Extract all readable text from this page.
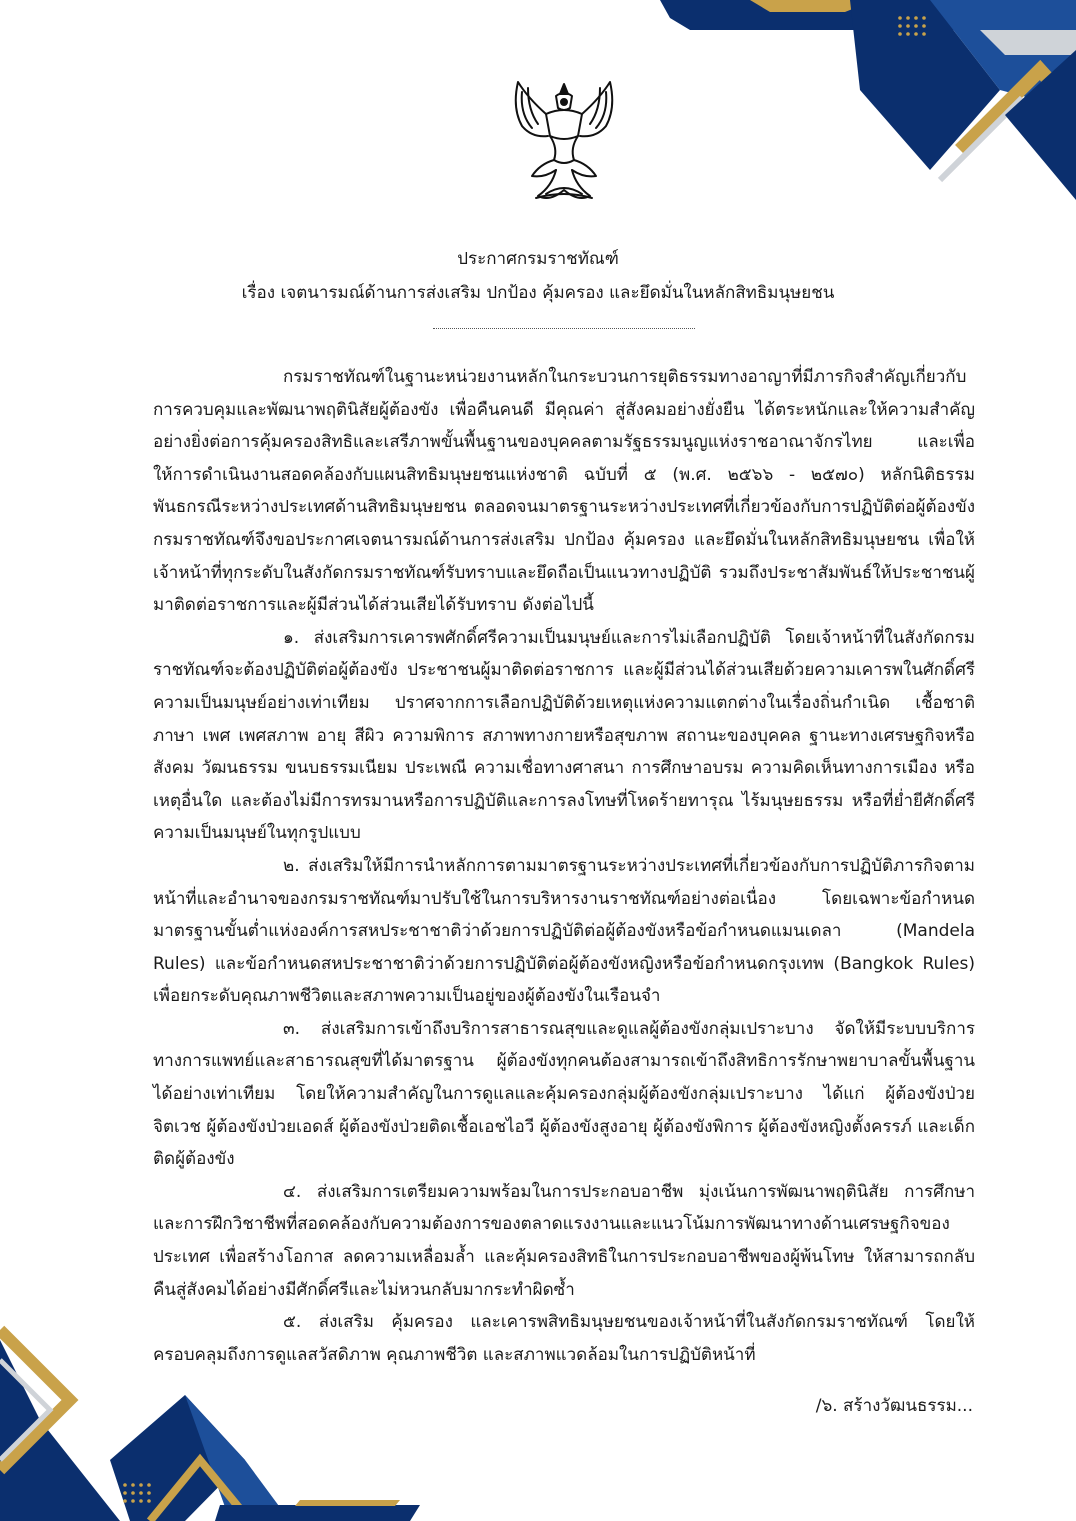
ประกาศกรมราชทัณฑ์
เรื่อง เจตนารมณ์ด้านการส่งเสริม ปกป้อง คุ้มครอง และยึดมั่นในหลักสิทธิมนุษยชน

กรมราชทัณฑ์ในฐานะหน่วยงานหลักในกระบวนการยุติธรรมทางอาญาที่มีภารกิจสำคัญเกี่ยวกับการควบคุมและพัฒนาพฤตินิสัยผู้ต้องขัง เพื่อคืนคนดี มีคุณค่า สู่สังคมอย่างยั่งยืน ได้ตระหนักและให้ความสำคัญอย่างยิ่งต่อการคุ้มครองสิทธิและเสรีภาพขั้นพื้นฐานของบุคคลตามรัฐธรรมนูญแห่งราชอาณาจักรไทย และเพื่อให้การดำเนินงานสอดคล้องกับแผนสิทธิมนุษยชนแห่งชาติ ฉบับที่ ๕ (พ.ศ. ๒๕๖๖ - ๒๕๗๐) หลักนิติธรรม พันธกรณีระหว่างประเทศด้านสิทธิมนุษยชน ตลอดจนมาตรฐานระหว่างประเทศที่เกี่ยวข้องกับการปฏิบัติต่อผู้ต้องขัง กรมราชทัณฑ์จึงขอประกาศเจตนารมณ์ด้านการส่งเสริม ปกป้อง คุ้มครอง และยึดมั่นในหลักสิทธิมนุษยชน เพื่อให้เจ้าหน้าที่ทุกระดับในสังกัดกรมราชทัณฑ์รับทราบและยึดถือเป็นแนวทางปฏิบัติ รวมถึงประชาสัมพันธ์ให้ประชาชนผู้มาติดต่อราชการและผู้มีส่วนได้ส่วนเสียได้รับทราบ ดังต่อไปนี้

๑. ส่งเสริมการเคารพศักดิ์ศรีความเป็นมนุษย์และการไม่เลือกปฏิบัติ โดยเจ้าหน้าที่ในสังกัดกรมราชทัณฑ์จะต้องปฏิบัติต่อผู้ต้องขัง ประชาชนผู้มาติดต่อราชการ และผู้มีส่วนได้ส่วนเสียด้วยความเคารพในศักดิ์ศรีความเป็นมนุษย์อย่างเท่าเทียม ปราศจากการเลือกปฏิบัติด้วยเหตุแห่งความแตกต่างในเรื่องถิ่นกำเนิด เชื้อชาติ ภาษา เพศ เพศสภาพ อายุ สีผิว ความพิการ สภาพทางกายหรือสุขภาพ สถานะของบุคคล ฐานะทางเศรษฐกิจหรือสังคม วัฒนธรรม ขนบธรรมเนียม ประเพณี ความเชื่อทางศาสนา การศึกษาอบรม ความคิดเห็นทางการเมือง หรือเหตุอื่นใด และต้องไม่มีการทรมานหรือการปฏิบัติและการลงโทษที่โหดร้ายทารุณ ไร้มนุษยธรรม หรือที่ย่ำยีศักดิ์ศรีความเป็นมนุษย์ในทุกรูปแบบ

๒. ส่งเสริมให้มีการนำหลักการตามมาตรฐานระหว่างประเทศที่เกี่ยวข้องกับการปฏิบัติภารกิจตามหน้าที่และอำนาจของกรมราชทัณฑ์มาปรับใช้ในการบริหารงานราชทัณฑ์อย่างต่อเนื่อง โดยเฉพาะข้อกำหนดมาตรฐานขั้นต่ำแห่งองค์การสหประชาชาติว่าด้วยการปฏิบัติต่อผู้ต้องขังหรือข้อกำหนดแมนเดลา (Mandela Rules) และข้อกำหนดสหประชาชาติว่าด้วยการปฏิบัติต่อผู้ต้องขังหญิงหรือข้อกำหนดกรุงเทพ (Bangkok Rules) เพื่อยกระดับคุณภาพชีวิตและสภาพความเป็นอยู่ของผู้ต้องขังในเรือนจำ

๓. ส่งเสริมการเข้าถึงบริการสาธารณสุขและดูแลผู้ต้องขังกลุ่มเปราะบาง จัดให้มีระบบบริการทางการแพทย์และสาธารณสุขที่ได้มาตรฐาน ผู้ต้องขังทุกคนต้องสามารถเข้าถึงสิทธิการรักษาพยาบาลขั้นพื้นฐานได้อย่างเท่าเทียม โดยให้ความสำคัญในการดูแลและคุ้มครองกลุ่มผู้ต้องขังกลุ่มเปราะบาง ได้แก่ ผู้ต้องขังป่วยจิตเวช ผู้ต้องขังป่วยเอดส์ ผู้ต้องขังป่วยติดเชื้อเอชไอวี ผู้ต้องขังสูงอายุ ผู้ต้องขังพิการ ผู้ต้องขังหญิงตั้งครรภ์ และเด็กติดผู้ต้องขัง

๔. ส่งเสริมการเตรียมความพร้อมในการประกอบอาชีพ มุ่งเน้นการพัฒนาพฤตินิสัย การศึกษาและการฝึกวิชาชีพที่สอดคล้องกับความต้องการของตลาดแรงงานและแนวโน้มการพัฒนาทางด้านเศรษฐกิจของประเทศ เพื่อสร้างโอกาส ลดความเหลื่อมล้ำ และคุ้มครองสิทธิในการประกอบอาชีพของผู้พ้นโทษ ให้สามารถกลับคืนสู่สังคมได้อย่างมีศักดิ์ศรีและไม่หวนกลับมากระทำผิดซ้ำ

๕. ส่งเสริม คุ้มครอง และเคารพสิทธิมนุษยชนของเจ้าหน้าที่ในสังกัดกรมราชทัณฑ์ โดยให้ครอบคลุมถึงการดูแลสวัสดิภาพ คุณภาพชีวิต และสภาพแวดล้อมในการปฏิบัติหน้าที่

/๖. สร้างวัฒนธรรม...
